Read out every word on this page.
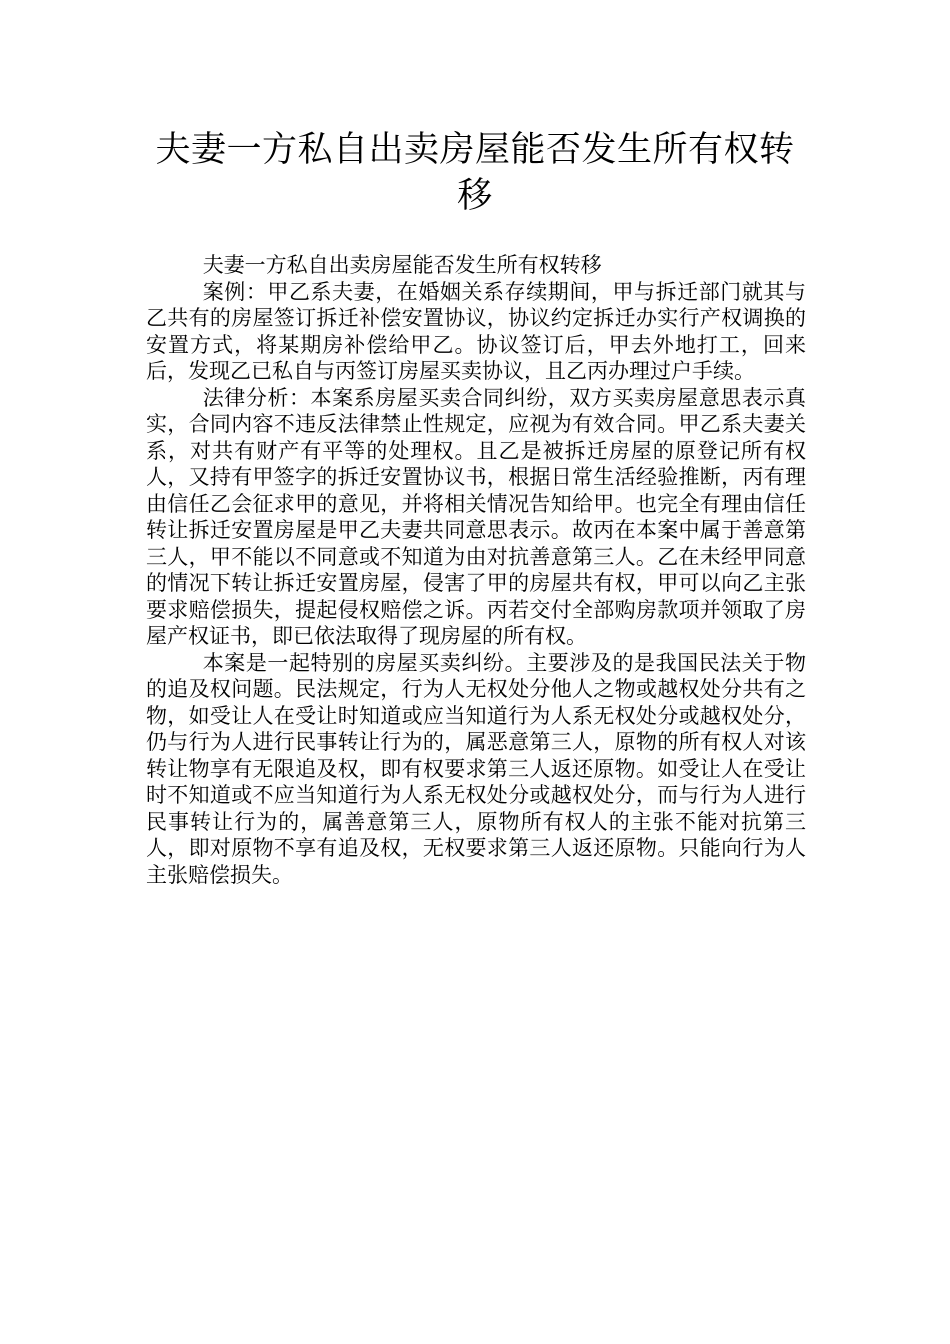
夫妻一方私自出卖房屋能否发生所有权转移

夫妻一方私自出卖房屋能否发生所有权转移

案例：甲乙系夫妻，在婚姻关系存续期间，甲与拆迁部门就其与乙共有的房屋签订拆迁补偿安置协议，协议约定拆迁办实行产权调换的安置方式，将某期房补偿给甲乙。协议签订后，甲去外地打工，回来后，发现乙已私自与丙签订房屋买卖协议，且乙丙办理过户手续。

法律分析：本案系房屋买卖合同纠纷，双方买卖房屋意思表示真实，合同内容不违反法律禁止性规定，应视为有效合同。甲乙系夫妻关系，对共有财产有平等的处理权。且乙是被拆迁房屋的原登记所有权人，又持有甲签字的拆迁安置协议书，根据日常生活经验推断，丙有理由信任乙会征求甲的意见，并将相关情况告知给甲。也完全有理由信任转让拆迁安置房屋是甲乙夫妻共同意思表示。故丙在本案中属于善意第三人，甲不能以不同意或不知道为由对抗善意第三人。乙在未经甲同意的情况下转让拆迁安置房屋，侵害了甲的房屋共有权，甲可以向乙主张要求赔偿损失，提起侵权赔偿之诉。丙若交付全部购房款项并领取了房屋产权证书，即已依法取得了现房屋的所有权。

本案是一起特别的房屋买卖纠纷。主要涉及的是我国民法关于物的追及权问题。民法规定，行为人无权处分他人之物或越权处分共有之物，如受让人在受让时知道或应当知道行为人系无权处分或越权处分，仍与行为人进行民事转让行为的，属恶意第三人，原物的所有权人对该转让物享有无限追及权，即有权要求第三人返还原物。如受让人在受让时不知道或不应当知道行为人系无权处分或越权处分，而与行为人进行民事转让行为的，属善意第三人，原物所有权人的主张不能对抗第三人，即对原物不享有追及权，无权要求第三人返还原物。只能向行为人主张赔偿损失。
